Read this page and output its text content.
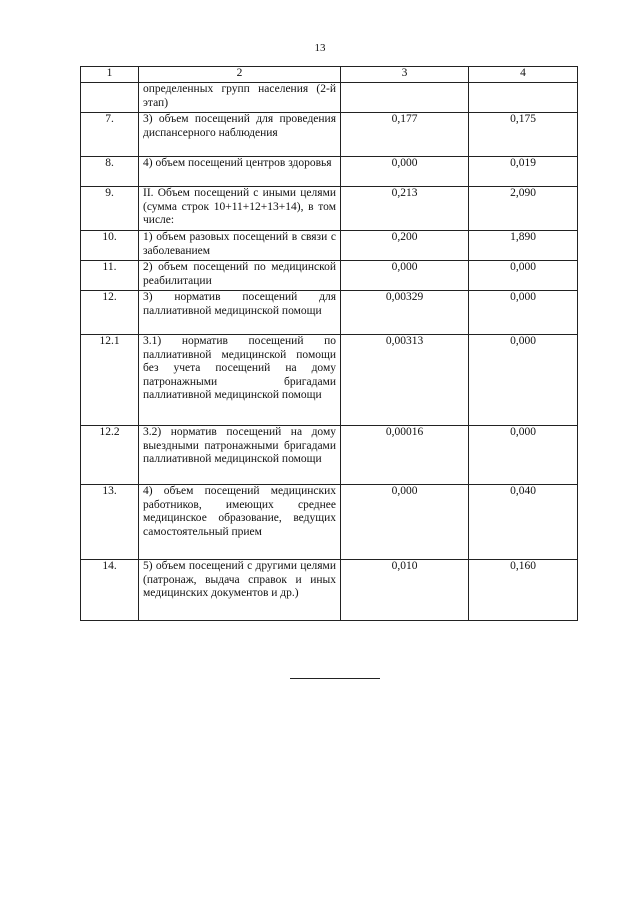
13
1	2	3	4
	определенных групп населения (2-й этап)		
7.	3) объем посещений для проведения диспансерного наблюдения	0,177	0,175
8.	4) объем посещений центров здоровья	0,000	0,019
9.	II. Объем посещений с иными целями (сумма строк 10+11+12+13+14), в том числе:	0,213	2,090
10.	1) объем разовых посещений в связи с заболеванием	0,200	1,890
11.	2) объем посещений по медицинской реабилитации	0,000	0,000
12.	3) норматив посещений для паллиативной медицинской помощи	0,00329	0,000
12.1	3.1) норматив посещений по паллиативной медицинской помощи без учета посещений на дому патронажными бригадами паллиативной медицинской помощи	0,00313	0,000
12.2	3.2) норматив посещений на дому выездными патронажными бригадами паллиативной медицинской помощи	0,00016	0,000
13.	4) объем посещений медицинских работников, имеющих среднее медицинское образование, ведущих самостоятельный прием	0,000	0,040
14.	5) объем посещений с другими целями (патронаж, выдача справок и иных медицинских документов и др.)	0,010	0,160
